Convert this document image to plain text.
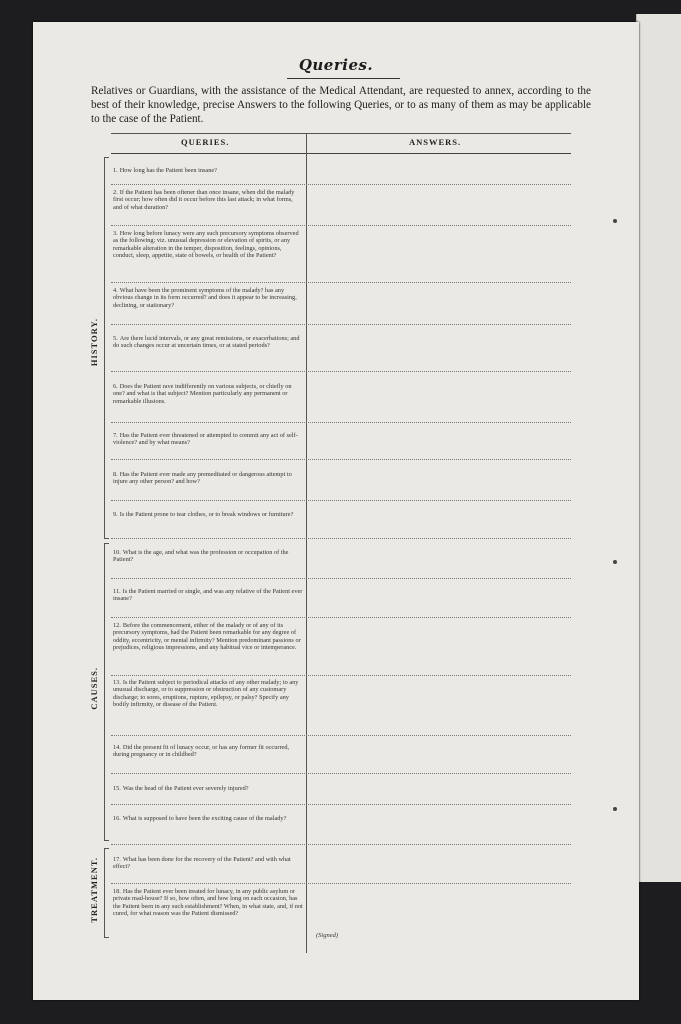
Queries.
Relatives or Guardians, with the assistance of the Medical Attendant, are requested to annex, according to the best of their knowledge, precise Answers to the following Queries, or to as many of them as may be applicable to the case of the Patient.
QUERIES.	ANSWERS.
HISTORY.
CAUSES.
TREATMENT.
1. How long has the Patient been insane?
2. If the Patient has been oftener than once insane, when did the malady first occur; how often did it occur before this last attack; in what forms, and of what duration?
3. How long before lunacy were any such precursory symptoms observed as the following; viz. unusual depression or elevation of spirits, or any remarkable alteration in the temper, disposition, feelings, opinions, conduct, sleep, appetite, state of bowels, or health of the Patient?
4. What have been the prominent symptoms of the malady? has any obvious change in its form occurred? and does it appear to be increasing, declining, or stationary?
5. Are there lucid intervals, or any great remissions, or exacerbations; and do such changes occur at uncertain times, or at stated periods?
6. Does the Patient rave indifferently on various subjects, or chiefly on one? and what is that subject? Mention particularly any permanent or remarkable illusions.
7. Has the Patient ever threatened or attempted to commit any act of self-violence? and by what means?
8. Has the Patient ever made any premeditated or dangerous attempt to injure any other person? and how?
9. Is the Patient prone to tear clothes, or to break windows or furniture?
10. What is the age, and what was the profession or occupation of the Patient?
11. Is the Patient married or single, and was any relative of the Patient ever insane?
12. Before the commencement, either of the malady or of any of its precursory symptoms, had the Patient been remarkable for any degree of oddity, eccentricity, or mental infirmity? Mention predominant passions or prejudices, religious impressions, and any habitual vice or intemperance.
13. Is the Patient subject to periodical attacks of any other malady; to any unusual discharge, or to suppression or obstruction of any customary discharge; to sores, eruptions, rupture, epilepsy, or palsy? Specify any bodily infirmity, or disease of the Patient.
14. Did the present fit of lunacy occur, or has any former fit occurred, during pregnancy or in childbed?
15. Was the head of the Patient ever severely injured?
16. What is supposed to have been the exciting cause of the malady?
17. What has been done for the recovery of the Patient? and with what effect?
18. Has the Patient ever been treated for lunacy, in any public asylum or private mad-house? If so, how often, and how long on each occasion, has the Patient been in any such establishment? When, in what state, and, if not cured, for what reason was the Patient dismissed?
(Signed)
